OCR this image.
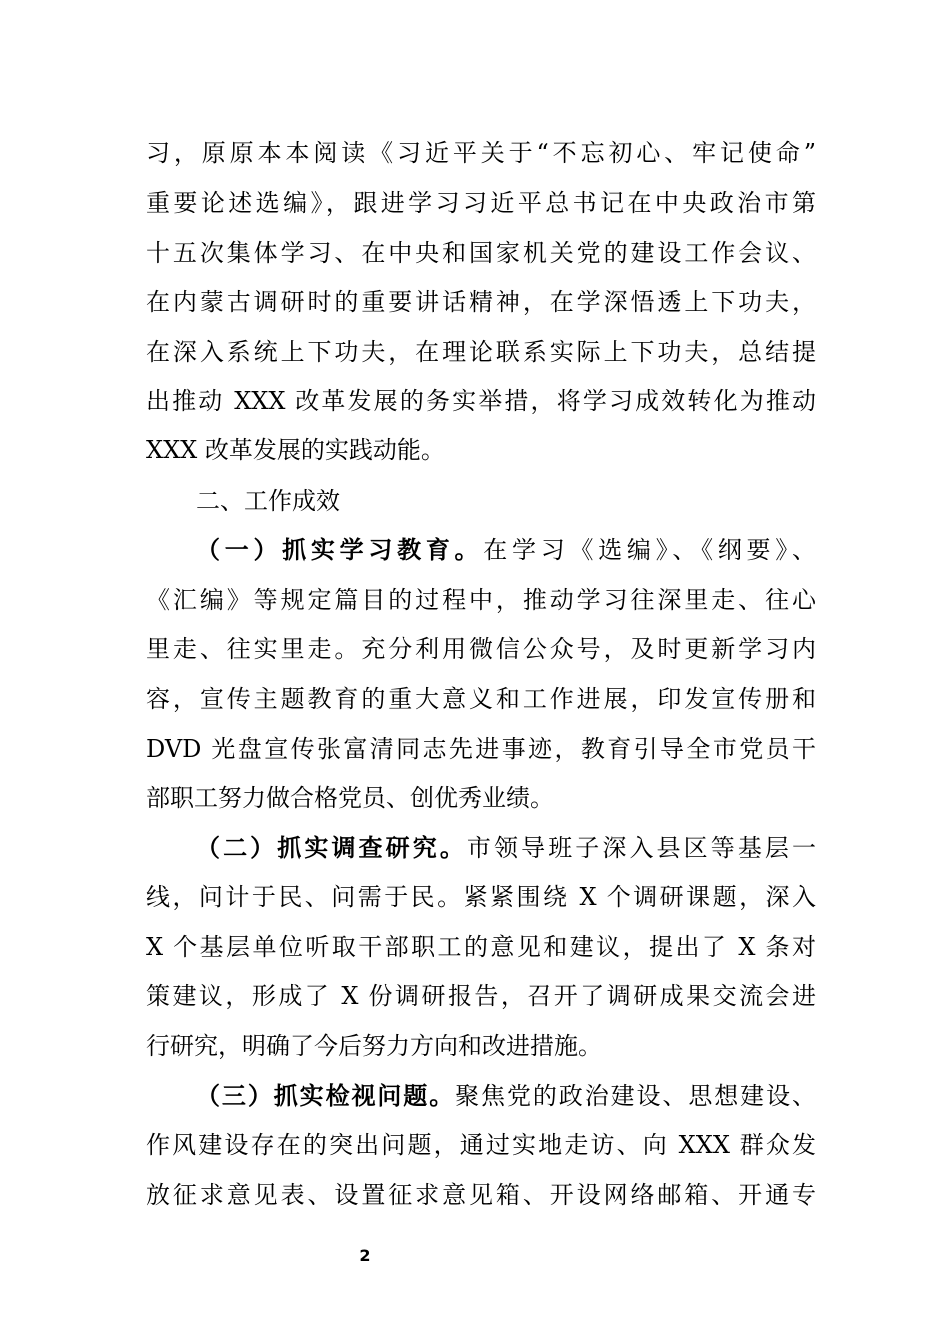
习，原原本本阅读《习近平关于“不忘初心、牢记使命”
重要论述选编》，跟进学习习近平总书记在中央政治市第
十五次集体学习、在中央和国家机关党的建设工作会议、
在内蒙古调研时的重要讲话精神，在学深悟透上下功夫，
在深入系统上下功夫，在理论联系实际上下功夫，总结提
出推动 XXX 改革发展的务实举措，将学习成效转化为推动
XXX 改革发展的实践动能。
二、工作成效
（一）抓实学习教育。在学习《选编》、《纲要》、
《汇编》等规定篇目的过程中，推动学习往深里走、往心
里走、往实里走。充分利用微信公众号，及时更新学习内
容，宣传主题教育的重大意义和工作进展，印发宣传册和
DVD 光盘宣传张富清同志先进事迹，教育引导全市党员干
部职工努力做合格党员、创优秀业绩。
（二）抓实调查研究。市领导班子深入县区等基层一
线，问计于民、问需于民。紧紧围绕 X 个调研课题，深入
X 个基层单位听取干部职工的意见和建议，提出了 X 条对
策建议，形成了 X 份调研报告，召开了调研成果交流会进
行研究，明确了今后努力方向和改进措施。
（三）抓实检视问题。聚焦党的政治建设、思想建设、
作风建设存在的突出问题，通过实地走访、向 XXX 群众发
放征求意见表、设置征求意见箱、开设网络邮箱、开通专
2
